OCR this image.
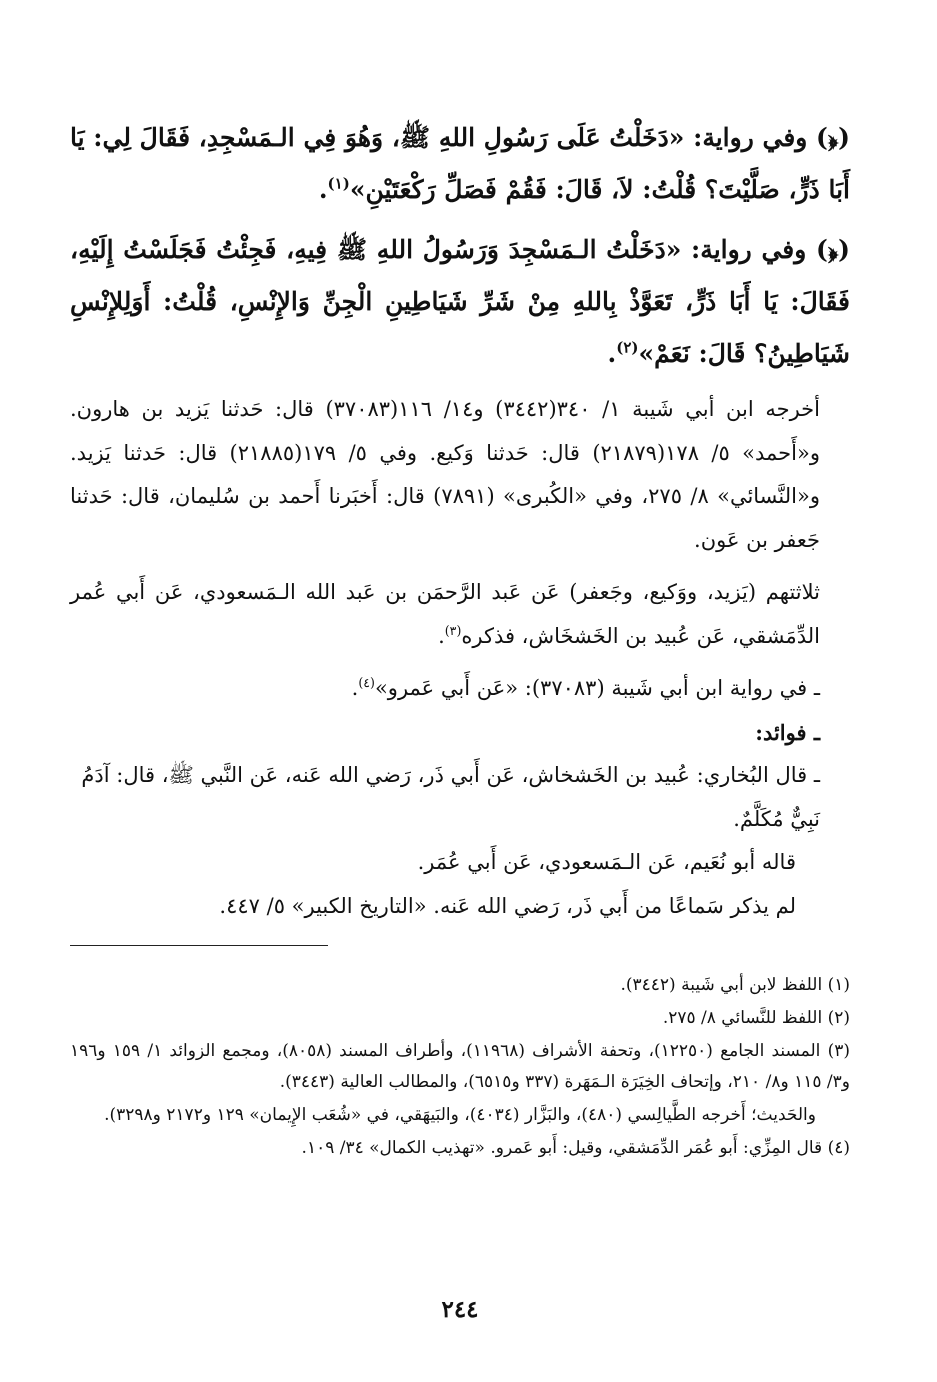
(﴿) وفي رواية: «دَخَلْتُ عَلَى رَسُولِ اللهِ ﷺ، وَهُوَ فِي الـمَسْجِدِ، فَقَالَ لِي: يَا أَبَا ذَرٍّ، صَلَّيْتَ؟ قُلْتُ: لاَ، قَالَ: فَقُمْ فَصَلِّ رَكْعَتَيْنِ»$^{(١)}$.

(﴿) وفي رواية: «دَخَلْتُ الـمَسْجِدَ وَرَسُولُ اللهِ ﷺ فِيهِ، فَجِئْتُ فَجَلَسْتُ إِلَيْهِ، فَقَالَ: يَا أَبَا ذَرٍّ، تَعَوَّذْ بِاللهِ مِنْ شَرِّ شَيَاطِينِ الْجِنِّ وَالإِنْسِ، قُلْتُ: أَوَلِلإِنْسِ شَيَاطِينُ؟ قَالَ: نَعَمْ»$^{(٢)}$.

أخرجه ابن أبي شَيبة ١/ ٣٤٠(٣٤٤٢) و١٤/ ١١٦(٣٧٠٨٣) قال: حَدثنا يَزيد بن هارون. و«أَحمد» ٥/ ١٧٨(٢١٨٧٩) قال: حَدثنا وَكيع. وفي ٥/ ١٧٩(٢١٨٨٥) قال: حَدثنا يَزيد. و«النَّسائي» ٨/ ٢٧٥، وفي «الكُبرى» (٧٨٩١) قال: أَخبَرنا أَحمد بن سُليمان، قال: حَدثنا جَعفر بن عَون.

ثلاثتهم (يَزيد، ووَكيع، وجَعفر) عَن عَبد الرَّحمَن بن عَبد الله الـمَسعودي، عَن أَبي عُمر الدِّمَشقي، عَن عُبيد بن الخَشخَاش، فذكره$^{(٣)}$.

ـ في رواية ابن أبي شَيبة (٣٧٠٨٣): «عَن أَبي عَمرو»$^{(٤)}$.

ـ فوائد:

ـ قال البُخاري: عُبيد بن الخَشخاش، عَن أَبي ذَر، رَضي الله عَنه، عَن النَّبي ﷺ، قال: آدَمُ نَبِيٌّ مُكَلَّمٌ.

قاله أبو نُعَيم، عَن الـمَسعودي، عَن أَبي عُمَر.

لم يذكر سَماعًا من أَبي ذَر، رَضي الله عَنه. «التاريخ الكبير» ٥/ ٤٤٧.

(١) اللفظ لابن أبي شَيبة (٣٤٤٢).

(٢) اللفظ للنَّسائي ٨/ ٢٧٥.

(٣) المسند الجامع (١٢٢٥٠)، وتحفة الأشراف (١١٩٦٨)، وأطراف المسند (٨٠٥٨)، ومجمع الزوائد ١/ ١٥٩ و١٩٦ و٣/ ١١٥ و٨/ ٢١٠، وإتحاف الخِيَرَة الـمَهَرة (٣٣٧ و٦٥١٥)، والمطالب العالية (٣٤٤٣).

والحَديث؛ أَخرجه الطَّيالِسي (٤٨٠)، والبَزَّار (٤٠٣٤)، والبَيهَقي، في «شُعَب الإِيمان» ١٢٩ و٢١٧٢ و٣٢٩٨).

(٤) قال المِزِّي: أَبو عُمَر الدِّمَشقي، وقيل: أَبو عَمرو. «تهذيب الكمال» ٣٤/ ١٠٩.

٢٤٤
